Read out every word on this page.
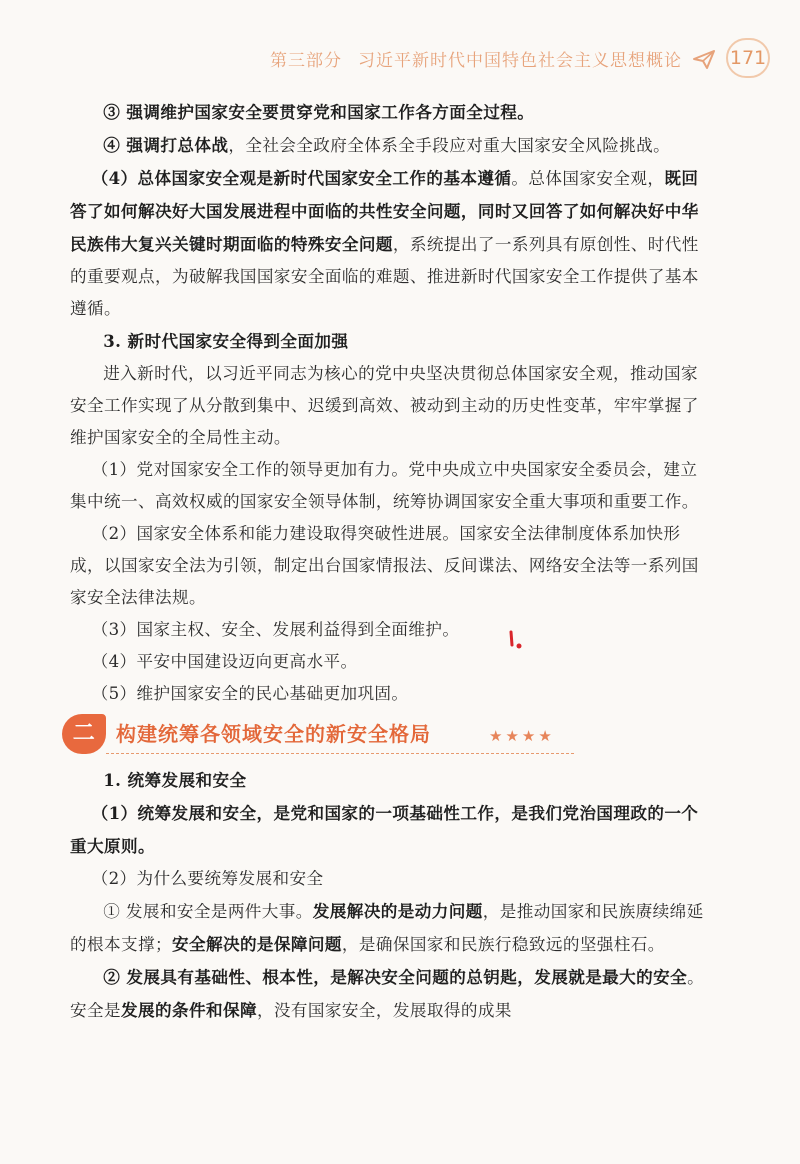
第三部分 习近平新时代中国特色社会主义思想概论	171

③ 强调维护国家安全要贯穿党和国家工作各方面全过程。

④ 强调打总体战，全社会全政府全体系全手段应对重大国家安全风险挑战。

（4）总体国家安全观是新时代国家安全工作的基本遵循。总体国家安全观，既回答了如何解决好大国发展进程中面临的共性安全问题，同时又回答了如何解决好中华民族伟大复兴关键时期面临的特殊安全问题，系统提出了一系列具有原创性、时代性的重要观点，为破解我国国家安全面临的难题、推进新时代国家安全工作提供了基本遵循。

3. 新时代国家安全得到全面加强

进入新时代，以习近平同志为核心的党中央坚决贯彻总体国家安全观，推动国家安全工作实现了从分散到集中、迟缓到高效、被动到主动的历史性变革，牢牢掌握了维护国家安全的全局性主动。

（1）党对国家安全工作的领导更加有力。党中央成立中央国家安全委员会，建立集中统一、高效权威的国家安全领导体制，统筹协调国家安全重大事项和重要工作。

（2）国家安全体系和能力建设取得突破性进展。国家安全法律制度体系加快形成，以国家安全法为引领，制定出台国家情报法、反间谍法、网络安全法等一系列国家安全法律法规。

（3）国家主权、安全、发展利益得到全面维护。

（4）平安中国建设迈向更高水平。

（5）维护国家安全的民心基础更加巩固。

二	构建统筹各领域安全的新安全格局	★★★★

1. 统筹发展和安全

（1）统筹发展和安全，是党和国家的一项基础性工作，是我们党治国理政的一个重大原则。

（2）为什么要统筹发展和安全

① 发展和安全是两件大事。发展解决的是动力问题，是推动国家和民族赓续绵延的根本支撑；安全解决的是保障问题，是确保国家和民族行稳致远的坚强柱石。

② 发展具有基础性、根本性，是解决安全问题的总钥匙，发展就是最大的安全。安全是发展的条件和保障，没有国家安全，发展取得的成果
